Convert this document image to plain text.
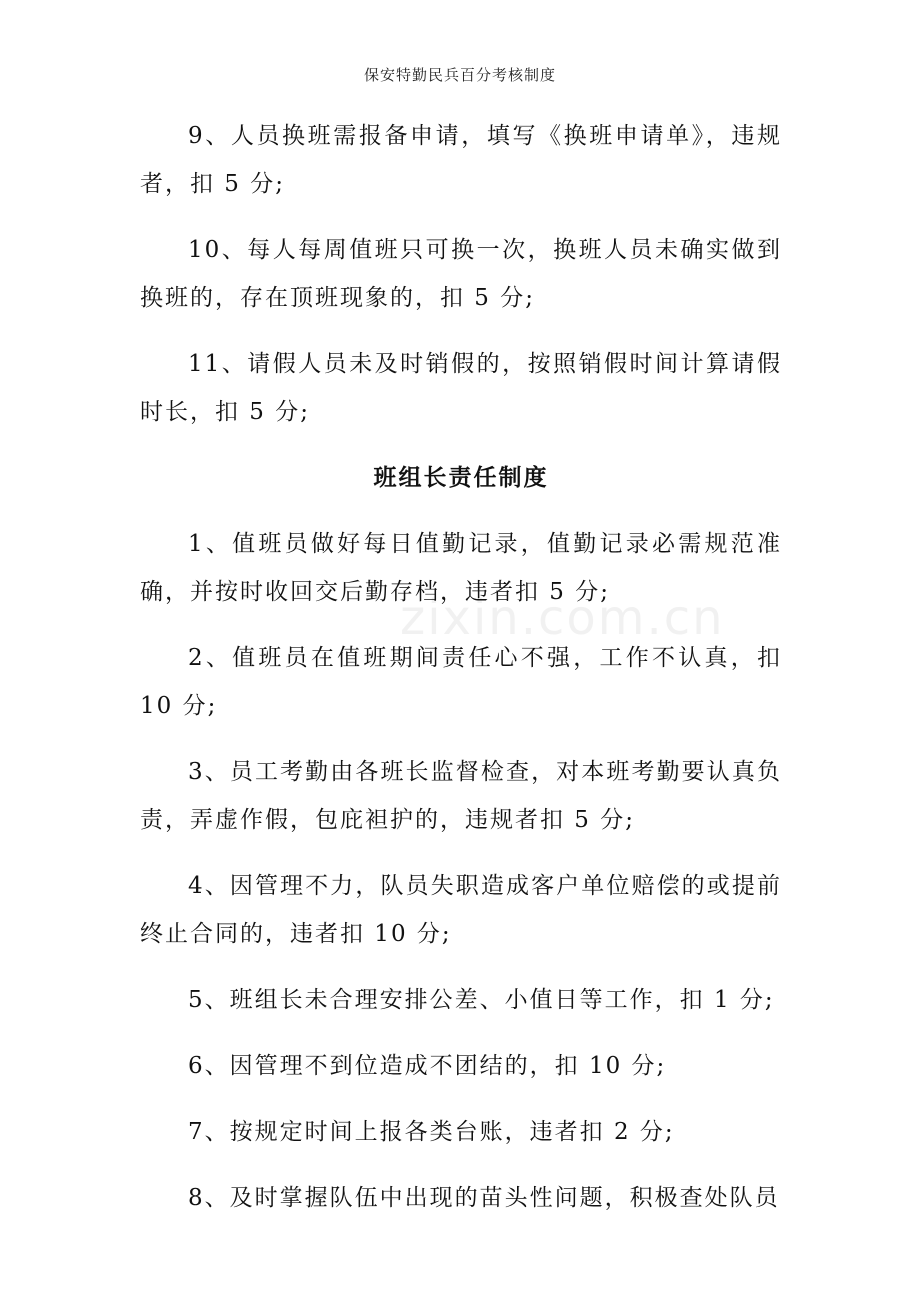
保安特勤民兵百分考核制度
zixin.com.cn

9、人员换班需报备申请，填写《换班申请单》，违规者，扣 5 分;

10、每人每周值班只可换一次，换班人员未确实做到换班的，存在顶班现象的，扣 5 分;

11、请假人员未及时销假的，按照销假时间计算请假时长，扣 5 分;

班组长责任制度

1、值班员做好每日值勤记录，值勤记录必需规范准确，并按时收回交后勤存档，违者扣 5 分;

2、值班员在值班期间责任心不强，工作不认真，扣 10 分;

3、员工考勤由各班长监督检查，对本班考勤要认真负责，弄虚作假，包庇袒护的，违规者扣 5 分;

4、因管理不力，队员失职造成客户单位赔偿的或提前终止合同的，违者扣 10 分;

5、班组长未合理安排公差、小值日等工作，扣 1 分;

6、因管理不到位造成不团结的，扣 10 分;

7、按规定时间上报各类台账，违者扣 2 分;

8、及时掌握队伍中出现的苗头性问题，积极查处队员
